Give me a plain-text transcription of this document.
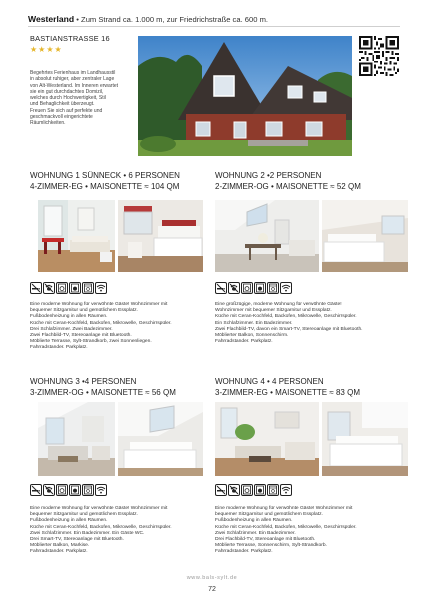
Westerland • Zum Strand ca. 1.000 m, zur Friedrichstraße ca. 600 m.
BASTIANSTRASSE 16
★★★★
Begehrtes Ferienhaus im Landhausstil
in absolut ruhiger, aber zentraler Lage
von Alt-Westerland. Im Inneren erwartet
sie ein gut durchdachtes Domizil,
welches durch Hochwertigkeit, Stil
und Behaglichkeit überzeugt.
Freuen Sie sich auf perfekte und
geschmackvoll eingerichtete
Räumlichkeiten.
WOHNUNG 1 SÜNNECK • 6 PERSONEN
4-ZIMMER-EG • MAISONETTE ≈ 104 QM
Eine moderne Wohnung für verwöhnte Gäste! Wohnzimmer mit
bequemer Sitzgarnitur und gemütlichem Essplatz.
Fußbodenheizung in allen Räumen.
Küche mit Ceran-Kochfeld, Backofen, Mikrowelle, Geschirrspüler.
Drei Schlafzimmer. Zwei Badezimmer.
Zwei Flachbild-TV, Stereoanlage mit Bluetooth.
Möblierte Terrasse, Sylt-Strandkorb, zwei Sonnenliegen.
Fahrradstander. Parkplatz.
WOHNUNG 2 •2 PERSONEN
2-ZIMMER-OG • MAISONETTE ≈ 52 QM
Eine großzügige, moderne Wohnung für verwöhnte Gäste!
Wohnzimmer mit bequemer Sitzgarnitur und Essplatz.
Küche mit Ceran-Kochfeld, Backofen, Mikrowelle, Geschirrspüler.
Ein Schlafzimmer. Ein Badezimmer.
Zwei Flachbild-TV, davon ein Smart-TV, Stereoanlage mit Bluetooth.
Möblierter Balkon, Sonnenschirm.
Fahrradstander. Parkplatz.
WOHNUNG 3 •4 PERSONEN
3-ZIMMER-OG • MAISONETTE ≈ 56 QM
Eine moderne Wohnung für verwöhnte Gäste! Wohnzimmer mit
bequemer Sitzgarnitur und gemütlichem Essplatz.
Fußbodenheizung in allen Räumen.
Küche mit Ceran-Kochfeld, Backofen, Mikrowelle, Geschirrspüler.
Zwei Schlafzimmer. Ein Badezimmer. Ein Gäste WC.
Drei Smart-TV, Stereoanlage mit Bluetooth.
Möblierter Balkon, Markise.
Fahrradstander. Parkplatz.
WOHNUNG 4 • 4 PERSONEN
3-ZIMMER-EG • MAISONETTE ≈ 83 QM
Eine moderne Wohnung für verwöhnte Gäste! Wohnzimmer mit
bequemer Sitzgarnitur und gemütlichem Essplatz.
Fußbodenheizung in allen Räumen.
Küche mit Ceran-Kochfeld, Backofen, Mikrowelle, Geschirrspüler.
Zwei Schlafzimmer. Ein Badezimmer.
Drei Flachbild-TV, Stereoanlage mit Bluetooth.
Möblierte Terrasse, Sonnenschirm, Sylt-Strandkorb.
Fahrradstander. Parkplatz.
www.bals-sylt.de
72
